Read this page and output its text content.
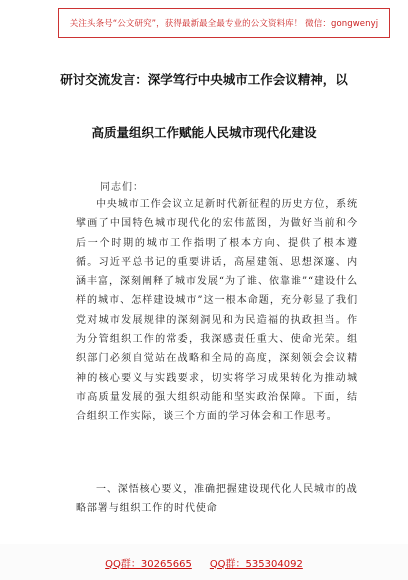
关注头条号“公文研究”，获得最新最全最专业的公文资料库！ 微信：gongwenyj
研讨交流发言：深学笃行中央城市工作会议精神，以
高质量组织工作赋能人民城市现代化建设
同志们：

中央城市工作会议立足新时代新征程的历史方位，系统擘画了中国特色城市现代化的宏伟蓝图，为做好当前和今后一个时期的城市工作指明了根本方向、提供了根本遵循。习近平总书记的重要讲话，高屋建瓴、思想深邃、内涵丰富，深刻阐释了城市发展“为了谁、依靠谁”“建设什么样的城市、怎样建设城市”这一根本命题，充分彰显了我们党对城市发展规律的深刻洞见和为民造福的执政担当。作为分管组织工作的常委，我深感责任重大、使命光荣。组织部门必须自觉站在战略和全局的高度，深刻领会会议精神的核心要义与实践要求，切实将学习成果转化为推动城市高质量发展的强大组织动能和坚实政治保障。下面，结合组织工作实际，谈三个方面的学习体会和工作思考。

一、深悟核心要义，准确把握建设现代化人民城市的战略部署与组织工作的时代使命

QQ群：30265665 QQ群：535304092
